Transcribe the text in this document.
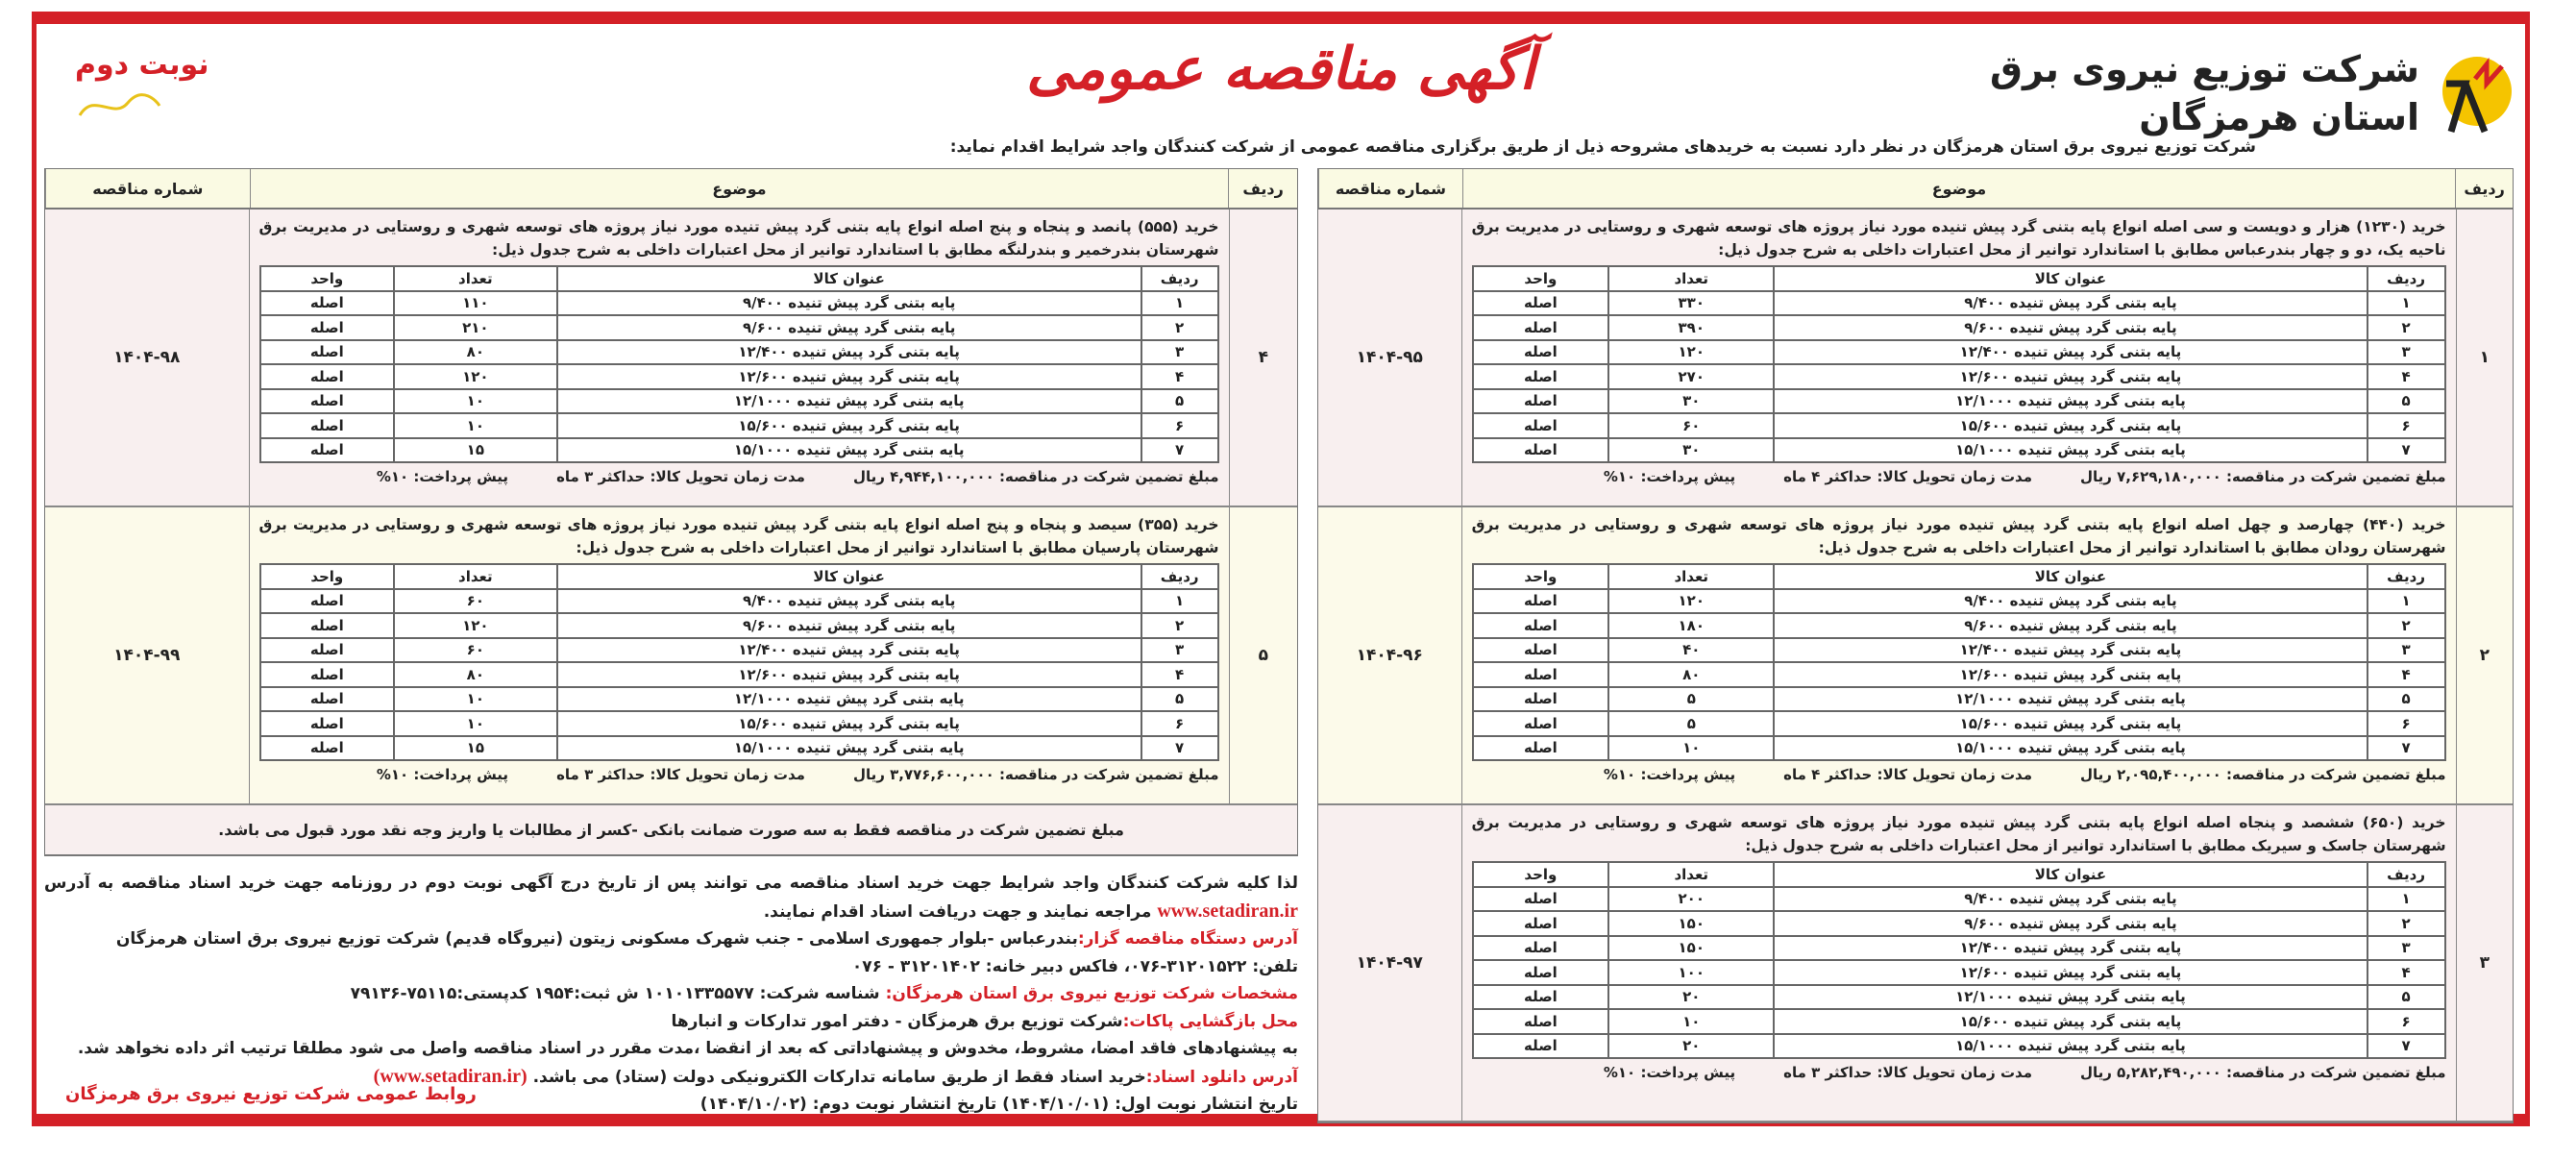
شرکت توزیع نیروی برق
استان هرمزگان
آگهی مناقصه عمومی
نوبت دوم
شرکت توزیع نیروی برق استان هرمزگان در نظر دارد نسبت به خریدهای مشروحه ذیل از طریق برگزاری مناقصه عمومی از شرکت کنندگان واجد شرایط اقدام نماید:
ردیف
موضوع
شماره مناقصه
۱
خرید (۱۲۳۰) هزار و دویست و سی اصله انواع پایه بتنی گرد پیش تنیده مورد نیاز پروژه های توسعه شهری و روستایی در مدیریت برق ناحیه یک، دو و چهار بندرعباس مطابق با استاندارد توانیر از محل اعتبارات داخلی به شرح جدول ذیل:
ردیف	عنوان کالا	تعداد	واحد
۱	پایه بتنی گرد پیش تنیده ۹/۴۰۰	۳۳۰	اصله
۲	پایه بتنی گرد پیش تنیده ۹/۶۰۰	۳۹۰	اصله
۳	پایه بتنی گرد پیش تنیده ۱۲/۴۰۰	۱۲۰	اصله
۴	پایه بتنی گرد پیش تنیده ۱۲/۶۰۰	۲۷۰	اصله
۵	پایه بتنی گرد پیش تنیده ۱۲/۱۰۰۰	۳۰	اصله
۶	پایه بتنی گرد پیش تنیده ۱۵/۶۰۰	۶۰	اصله
۷	پایه بتنی گرد پیش تنیده ۱۵/۱۰۰۰	۳۰	اصله
مبلغ تضمین شرکت در مناقصه: ۷,۶۲۹,۱۸۰,۰۰۰ ریال
مدت زمان تحویل کالا: حداکثر ۴ ماه
پیش پرداخت: ۱۰%
۱۴۰۴-۹۵
۲
خرید (۴۴۰) چهارصد و چهل اصله انواع پایه بتنی گرد پیش تنیده مورد نیاز پروژه های توسعه شهری و روستایی در مدیریت برق شهرستان رودان مطابق با استاندارد توانیر از محل اعتبارات داخلی به شرح جدول ذیل:
ردیف	عنوان کالا	تعداد	واحد
۱	پایه بتنی گرد پیش تنیده ۹/۴۰۰	۱۲۰	اصله
۲	پایه بتنی گرد پیش تنیده ۹/۶۰۰	۱۸۰	اصله
۳	پایه بتنی گرد پیش تنیده ۱۲/۴۰۰	۴۰	اصله
۴	پایه بتنی گرد پیش تنیده ۱۲/۶۰۰	۸۰	اصله
۵	پایه بتنی گرد پیش تنیده ۱۲/۱۰۰۰	۵	اصله
۶	پایه بتنی گرد پیش تنیده ۱۵/۶۰۰	۵	اصله
۷	پایه بتنی گرد پیش تنیده ۱۵/۱۰۰۰	۱۰	اصله
مبلغ تضمین شرکت در مناقصه: ۲,۰۹۵,۴۰۰,۰۰۰ ریال
مدت زمان تحویل کالا: حداکثر ۴ ماه
پیش پرداخت: ۱۰%
۱۴۰۴-۹۶
۳
خرید (۶۵۰) ششصد و پنجاه اصله انواع پایه بتنی گرد پیش تنیده مورد نیاز پروژه های توسعه شهری و روستایی در مدیریت برق شهرستان جاسک و سیریک مطابق با استاندارد توانیر از محل اعتبارات داخلی به شرح جدول ذیل:
ردیف	عنوان کالا	تعداد	واحد
۱	پایه بتنی گرد پیش تنیده ۹/۴۰۰	۲۰۰	اصله
۲	پایه بتنی گرد پیش تنیده ۹/۶۰۰	۱۵۰	اصله
۳	پایه بتنی گرد پیش تنیده ۱۲/۴۰۰	۱۵۰	اصله
۴	پایه بتنی گرد پیش تنیده ۱۲/۶۰۰	۱۰۰	اصله
۵	پایه بتنی گرد پیش تنیده ۱۲/۱۰۰۰	۲۰	اصله
۶	پایه بتنی گرد پیش تنیده ۱۵/۶۰۰	۱۰	اصله
۷	پایه بتنی گرد پیش تنیده ۱۵/۱۰۰۰	۲۰	اصله
مبلغ تضمین شرکت در مناقصه: ۵,۲۸۲,۴۹۰,۰۰۰ ریال
مدت زمان تحویل کالا: حداکثر ۳ ماه
پیش پرداخت: ۱۰%
۱۴۰۴-۹۷
ردیف
موضوع
شماره مناقصه
۴
خرید (۵۵۵) پانصد و پنجاه و پنج اصله انواع پایه بتنی گرد پیش تنیده مورد نیاز پروژه های توسعه شهری و روستایی در مدیریت برق شهرستان بندرخمیر و بندرلنگه مطابق با استاندارد توانیر از محل اعتبارات داخلی به شرح جدول ذیل:
ردیف	عنوان کالا	تعداد	واحد
۱	پایه بتنی گرد پیش تنیده ۹/۴۰۰	۱۱۰	اصله
۲	پایه بتنی گرد پیش تنیده ۹/۶۰۰	۲۱۰	اصله
۳	پایه بتنی گرد پیش تنیده ۱۲/۴۰۰	۸۰	اصله
۴	پایه بتنی گرد پیش تنیده ۱۲/۶۰۰	۱۲۰	اصله
۵	پایه بتنی گرد پیش تنیده ۱۲/۱۰۰۰	۱۰	اصله
۶	پایه بتنی گرد پیش تنیده ۱۵/۶۰۰	۱۰	اصله
۷	پایه بتنی گرد پیش تنیده ۱۵/۱۰۰۰	۱۵	اصله
مبلغ تضمین شرکت در مناقصه: ۴,۹۴۴,۱۰۰,۰۰۰ ریال
مدت زمان تحویل کالا: حداکثر ۳ ماه
پیش پرداخت: ۱۰%
۱۴۰۴-۹۸
۵
خرید (۳۵۵) سیصد و پنجاه و پنج اصله انواع پایه بتنی گرد پیش تنیده مورد نیاز پروژه های توسعه شهری و روستایی در مدیریت برق شهرستان پارسیان مطابق با استاندارد توانیر از محل اعتبارات داخلی به شرح جدول ذیل:
ردیف	عنوان کالا	تعداد	واحد
۱	پایه بتنی گرد پیش تنیده ۹/۴۰۰	۶۰	اصله
۲	پایه بتنی گرد پیش تنیده ۹/۶۰۰	۱۲۰	اصله
۳	پایه بتنی گرد پیش تنیده ۱۲/۴۰۰	۶۰	اصله
۴	پایه بتنی گرد پیش تنیده ۱۲/۶۰۰	۸۰	اصله
۵	پایه بتنی گرد پیش تنیده ۱۲/۱۰۰۰	۱۰	اصله
۶	پایه بتنی گرد پیش تنیده ۱۵/۶۰۰	۱۰	اصله
۷	پایه بتنی گرد پیش تنیده ۱۵/۱۰۰۰	۱۵	اصله
مبلغ تضمین شرکت در مناقصه: ۳,۷۷۶,۶۰۰,۰۰۰ ریال
مدت زمان تحویل کالا: حداکثر ۳ ماه
پیش پرداخت: ۱۰%
۱۴۰۴-۹۹
مبلغ تضمین شرکت در مناقصه فقط به سه صورت ضمانت بانکی -کسر از مطالبات یا واریز وجه نقد مورد قبول می باشد.
لذا کلیه شرکت کنندگان واجد شرایط جهت خرید اسناد مناقصه می توانند پس از تاریخ درج آگهی نوبت دوم در روزنامه جهت خرید اسناد مناقصه به آدرس www.setadiran.ir مراجعه نمایند و جهت دریافت اسناد اقدام نمایند.
آدرس دستگاه مناقصه گزار:بندرعباس -بلوار جمهوری اسلامی - جنب شهرک مسکونی زیتون (نیروگاه قدیم) شرکت توزیع نیروی برق استان هرمزگان
تلفن: ۳۱۲۰۱۵۲۲-۰۷۶، فاکس دبیر خانه: ۳۱۲۰۱۴۰۲ - ۰۷۶
مشخصات شرکت توزیع نیروی برق استان هرمزگان: شناسه شرکت: ۱۰۱۰۱۳۳۵۵۷۷ ش ثبت:۱۹۵۴ کدپستی:۷۵۱۱۵-۷۹۱۳۶
محل بازگشایی پاکات:شرکت توزیع برق هرمزگان - دفتر امور تدارکات و انبارها
به پیشنهادهای فاقد امضا، مشروط، مخدوش و پیشنهاداتی که بعد از انقضا ،مدت مقرر در اسناد مناقصه واصل می شود مطلقا ترتیب اثر داده نخواهد شد.
آدرس دانلود اسناد:خرید اسناد فقط از طریق سامانه تدارکات الکترونیکی دولت (ستاد) می باشد. (www.setadiran.ir)
تاریخ انتشار نوبت اول: (۱۴۰۴/۱۰/۰۱) تاریخ انتشار نوبت دوم: (۱۴۰۴/۱۰/۰۲)
روابط عمومی شرکت توزیع نیروی برق هرمزگان
